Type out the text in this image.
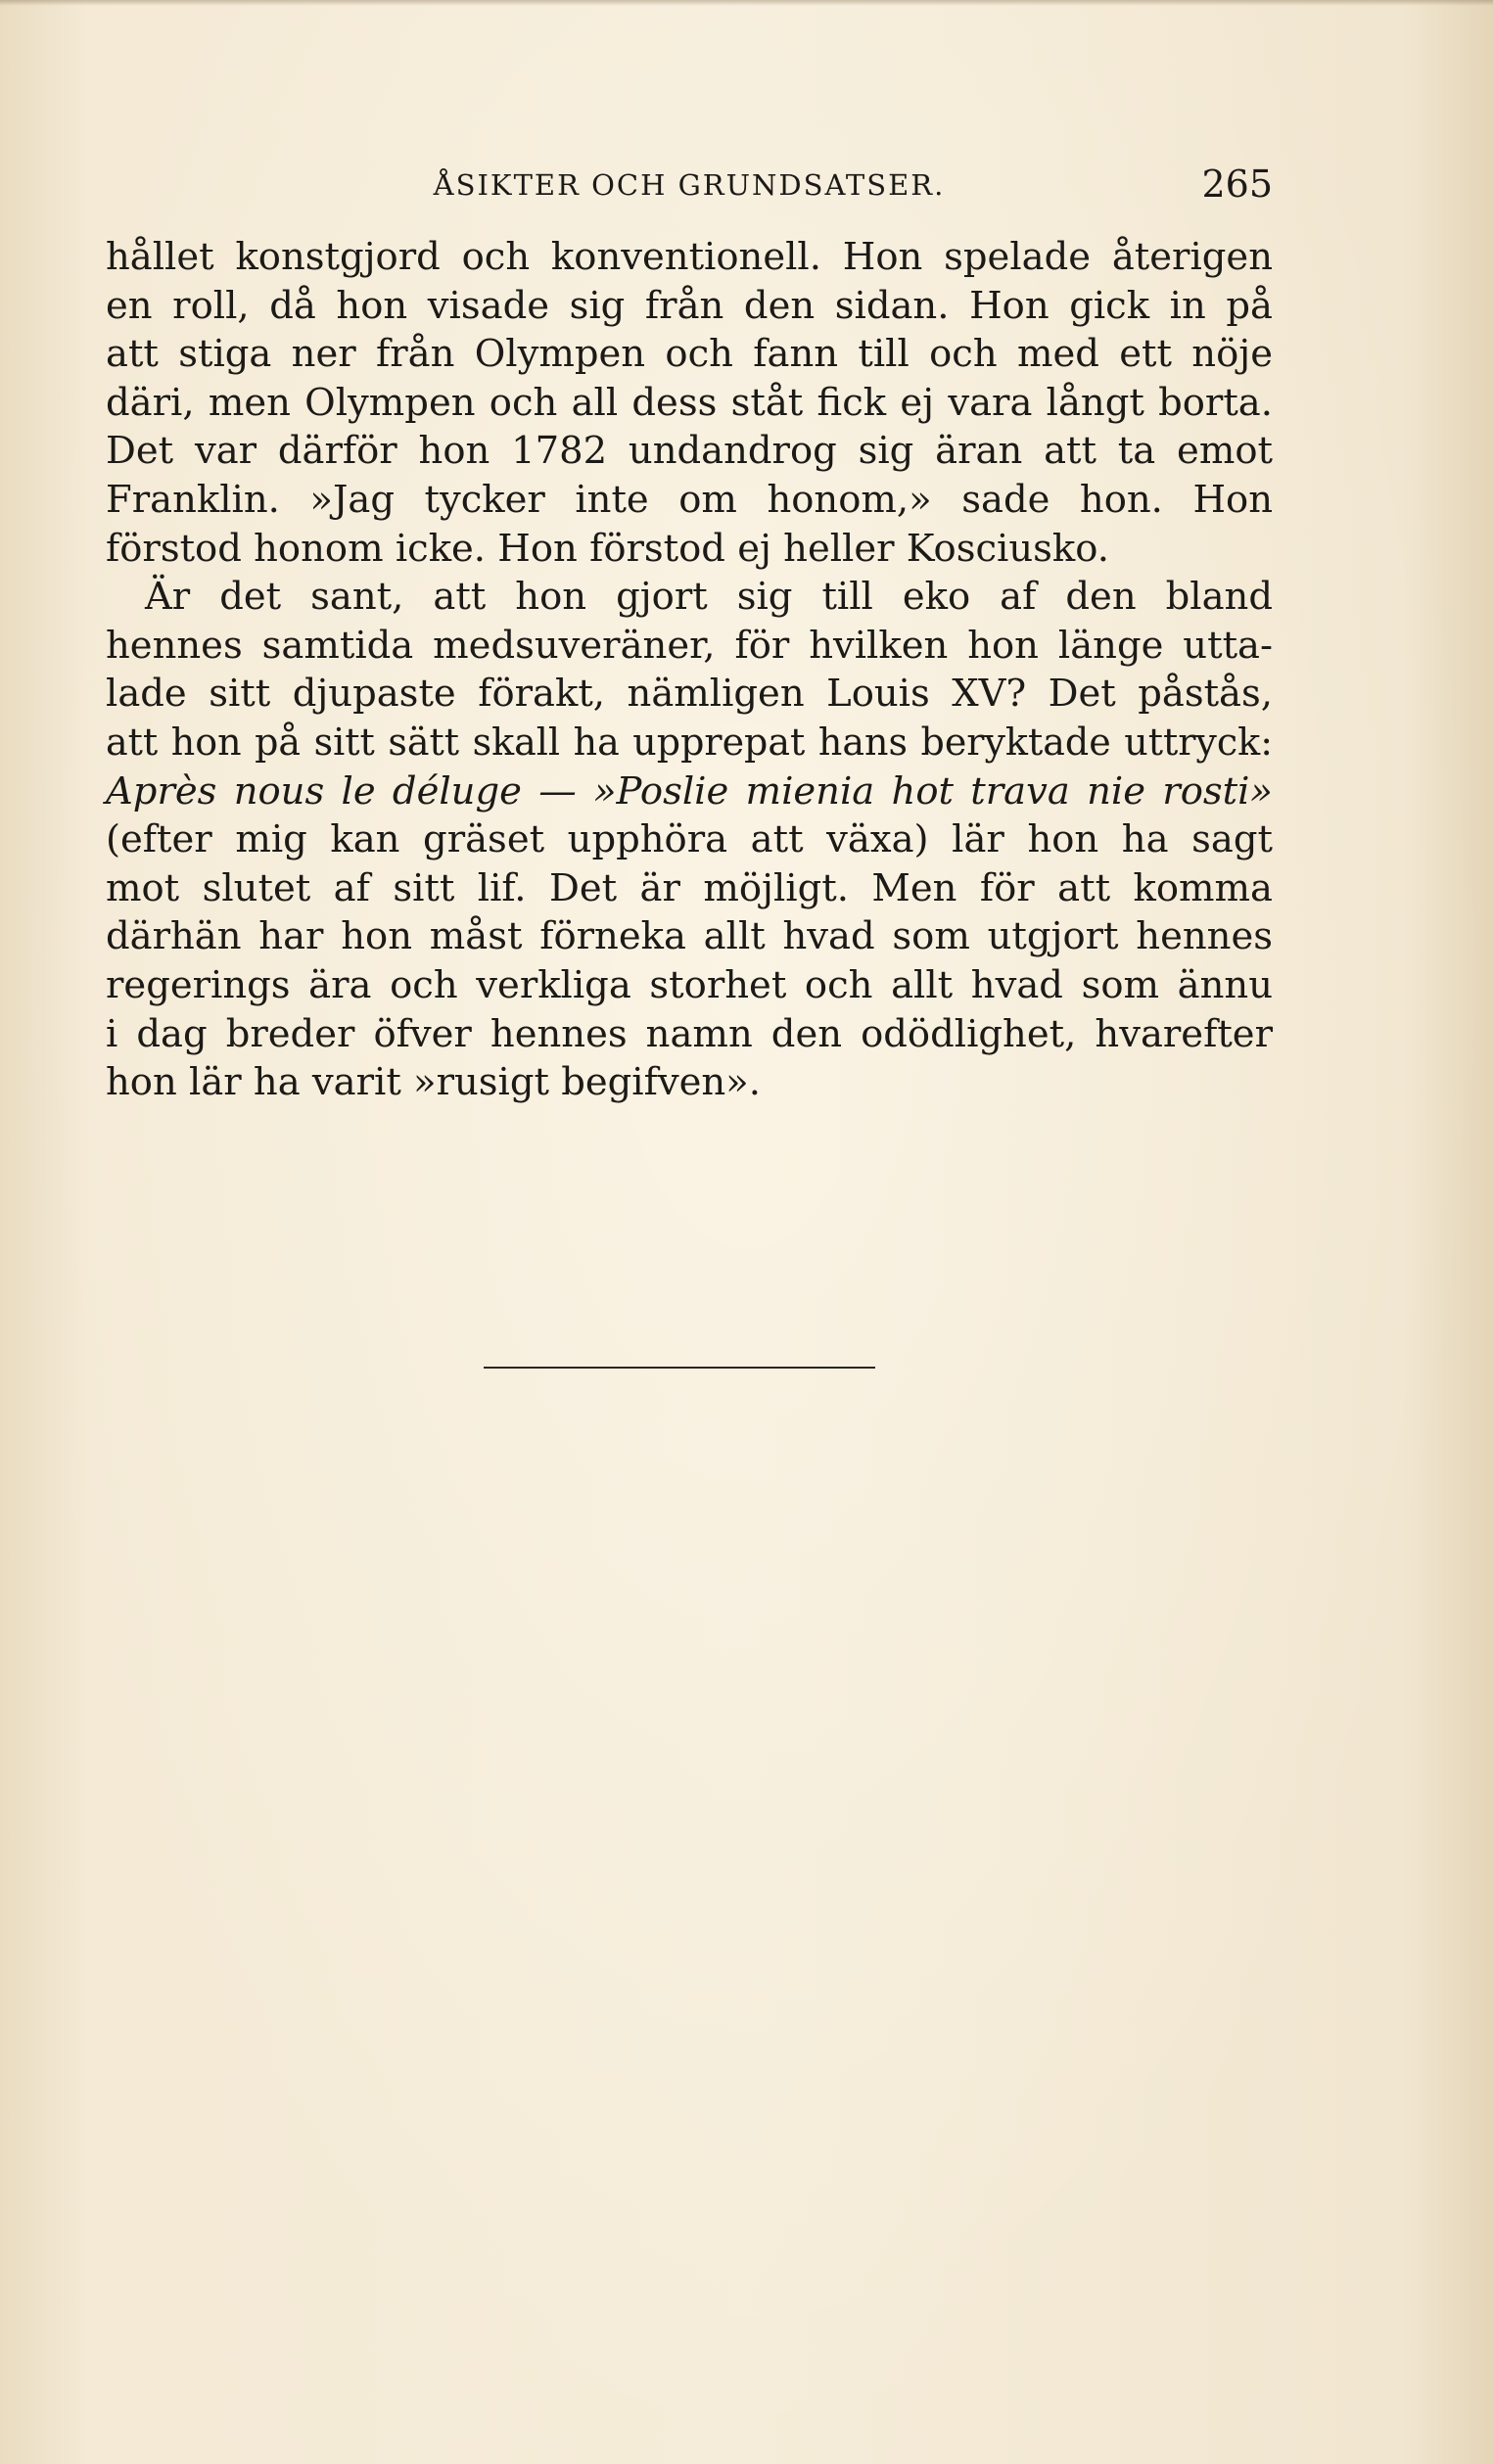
ÅSIKTER OCH GRUNDSATSER.	265
hållet konstgjord och konventionell. Hon spelade återigen
en roll, då hon visade sig från den sidan. Hon gick in på
att stiga ner från Olympen och fann till och med ett nöje
däri, men Olympen och all dess ståt fick ej vara långt borta.
Det var därför hon 1782 undandrog sig äran att ta emot
Franklin. »Jag tycker inte om honom,» sade hon. Hon
förstod honom icke. Hon förstod ej heller Kosciusko.
Är det sant, att hon gjort sig till eko af den bland
hennes samtida medsuveräner, för hvilken hon länge utta-
lade sitt djupaste förakt, nämligen Louis XV? Det påstås,
att hon på sitt sätt skall ha upprepat hans beryktade uttryck:
Après nous le déluge — »Poslie mienia hot trava nie rosti»
(efter mig kan gräset upphöra att växa) lär hon ha sagt
mot slutet af sitt lif. Det är möjligt. Men för att komma
därhän har hon måst förneka allt hvad som utgjort hennes
regerings ära och verkliga storhet och allt hvad som ännu
i dag breder öfver hennes namn den odödlighet, hvarefter
hon lär ha varit »rusigt begifven».
